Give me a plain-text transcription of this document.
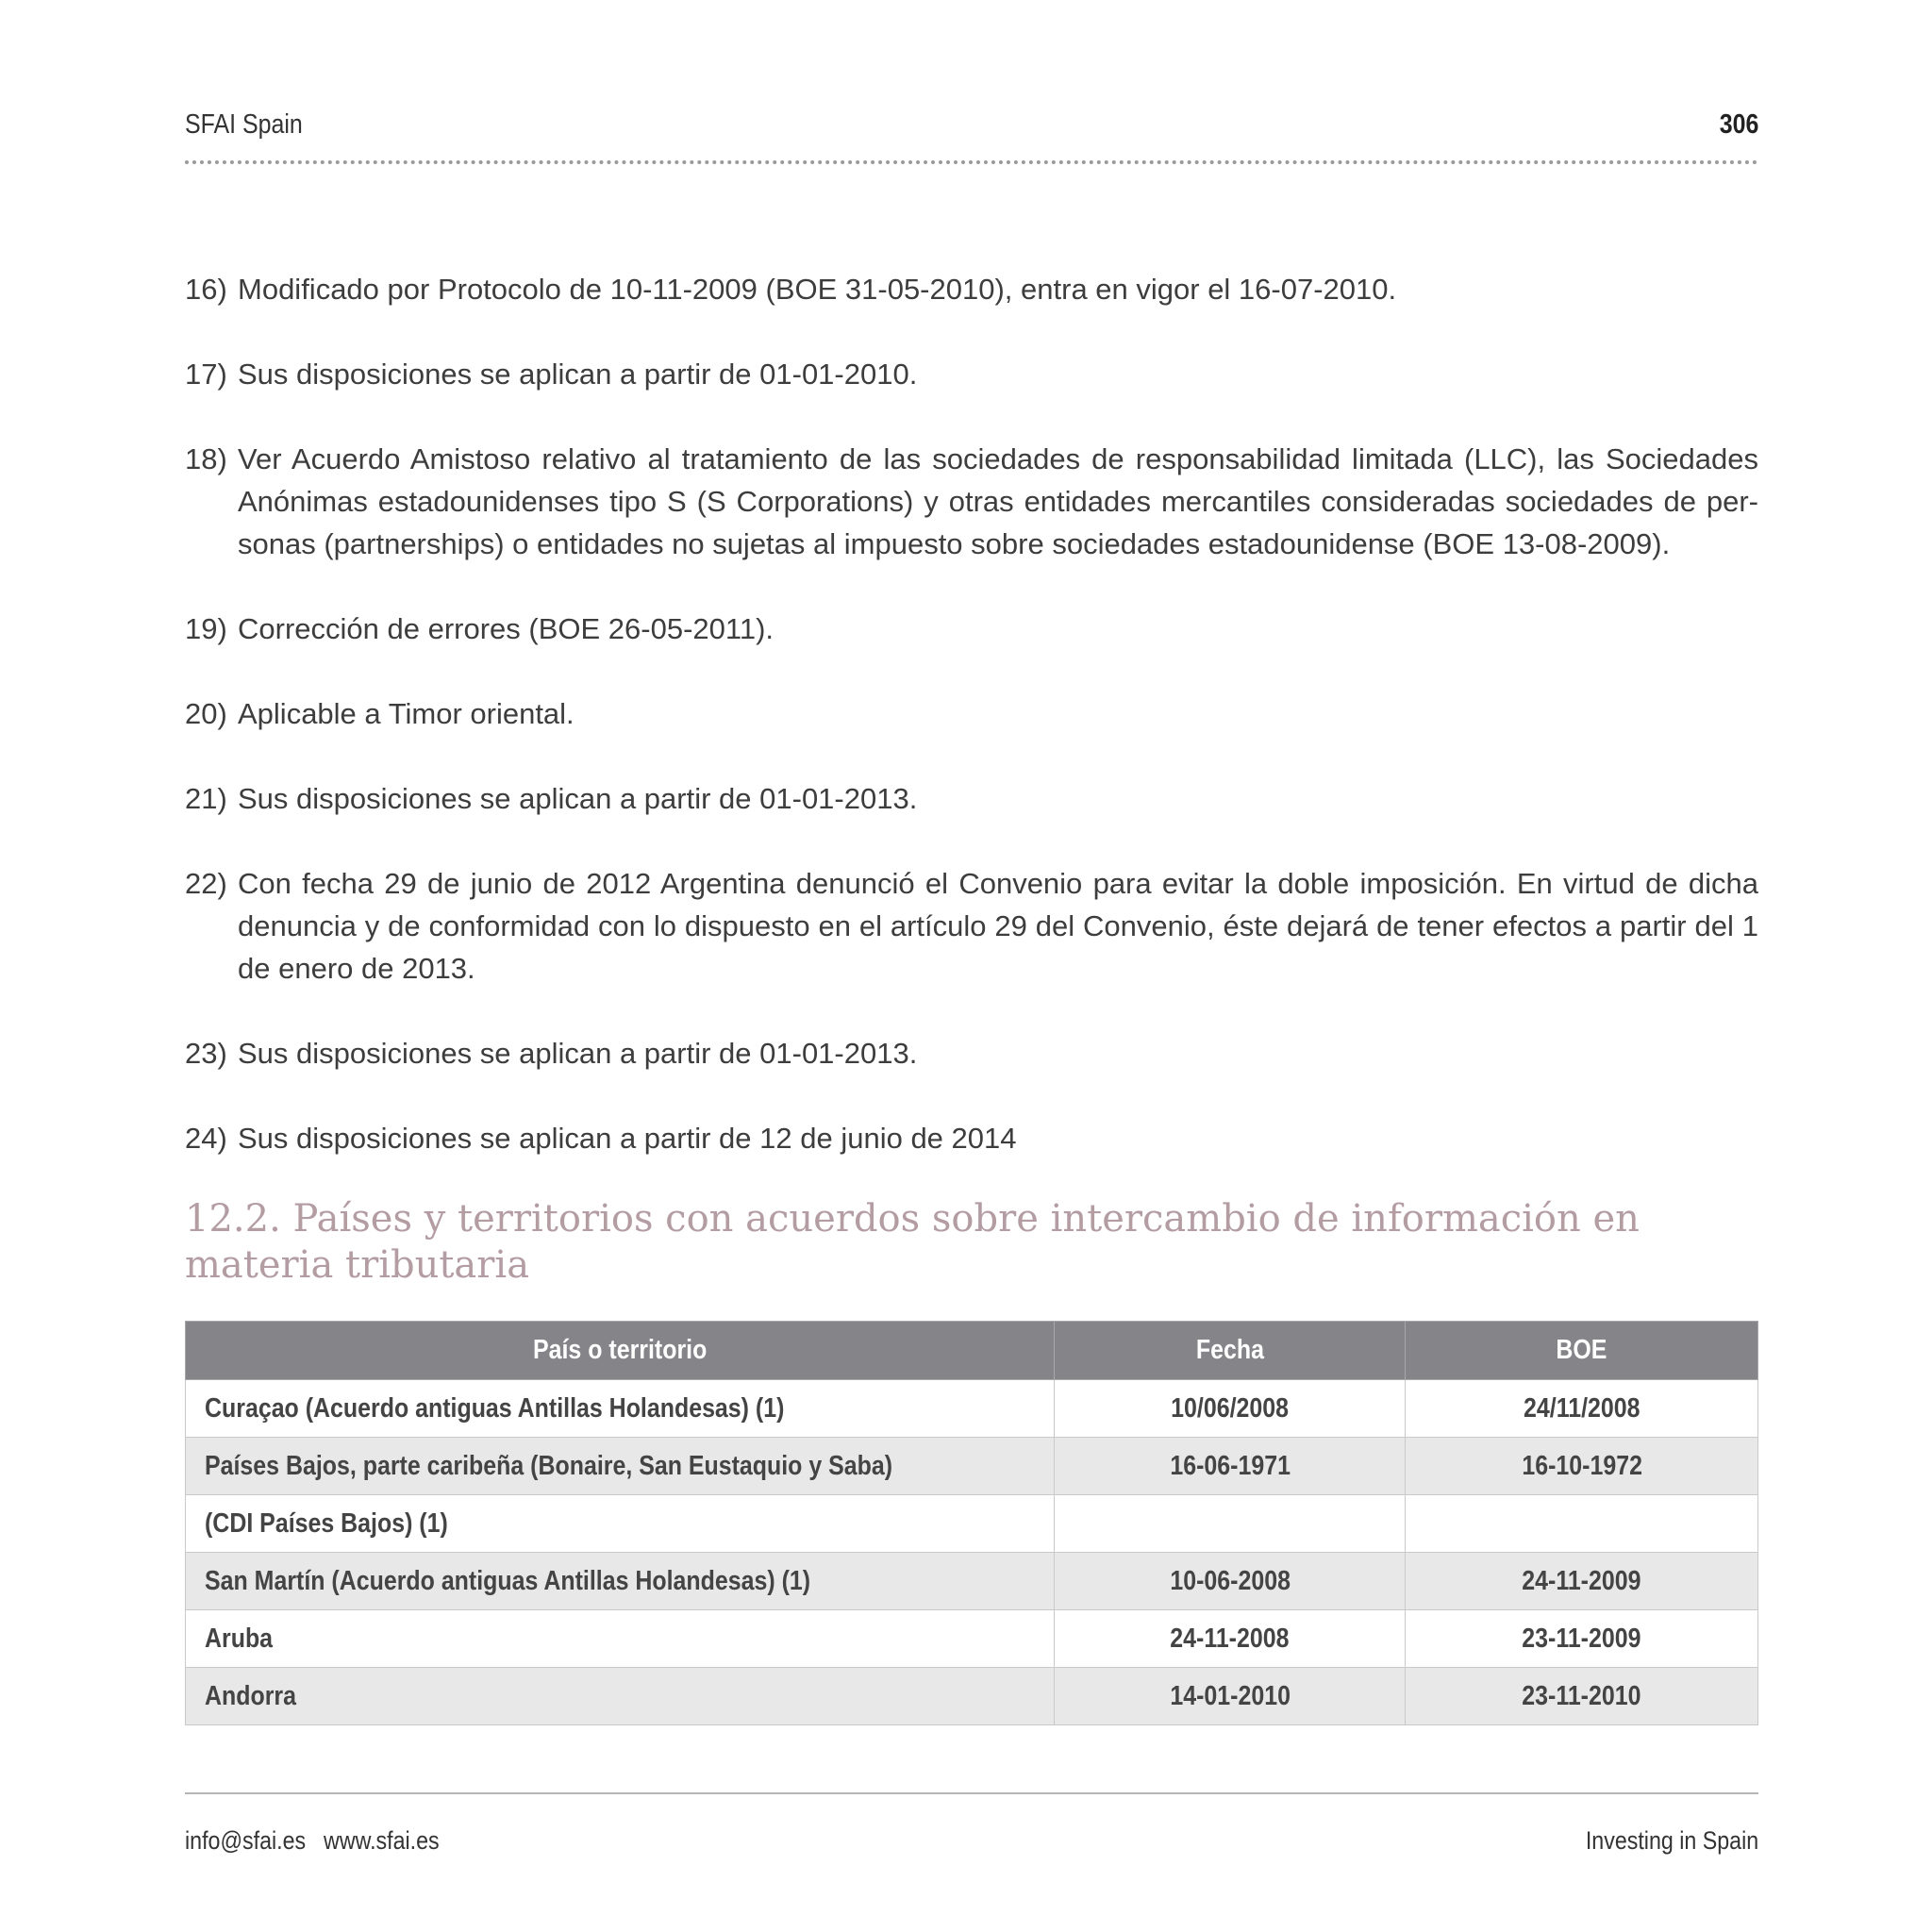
SFAI Spain	306
16) Modificado por Protocolo de 10-11-2009 (BOE 31-05-2010), entra en vigor el 16-07-2010.
17) Sus disposiciones se aplican a partir de 01-01-2010.
18) Ver Acuerdo Amistoso relativo al tratamiento de las sociedades de responsabilidad limitada (LLC), las Sociedades Anónimas estadounidenses tipo S (S Corporations) y otras entidades mercantiles consideradas sociedades de per- sonas (partnerships) o entidades no sujetas al impuesto sobre sociedades estadounidense (BOE 13-08-2009).
19) Corrección de errores (BOE 26-05-2011).
20) Aplicable a Timor oriental.
21) Sus disposiciones se aplican a partir de 01-01-2013.
22) Con fecha 29 de junio de 2012 Argentina denunció el Convenio para evitar la doble imposición. En virtud de dicha denuncia y de conformidad con lo dispuesto en el artículo 29 del Convenio, éste dejará de tener efectos a partir del 1 de enero de 2013.
23) Sus disposiciones se aplican a partir de 01-01-2013.
24) Sus disposiciones se aplican a partir de 12 de junio de 2014
12.2. Países y territorios con acuerdos sobre intercambio de información en materia tributaria
País o territorio	Fecha	BOE
Curaçao (Acuerdo antiguas Antillas Holandesas) (1)	10/06/2008	24/11/2008
Países Bajos, parte caribeña (Bonaire, San Eustaquio y Saba)	16-06-1971	16-10-1972
(CDI Países Bajos) (1)		
San Martín (Acuerdo antiguas Antillas Holandesas) (1)	10-06-2008	24-11-2009
Aruba	24-11-2008	23-11-2009
Andorra	14-01-2010	23-11-2010
info@sfai.es www.sfai.es	Investing in Spain
